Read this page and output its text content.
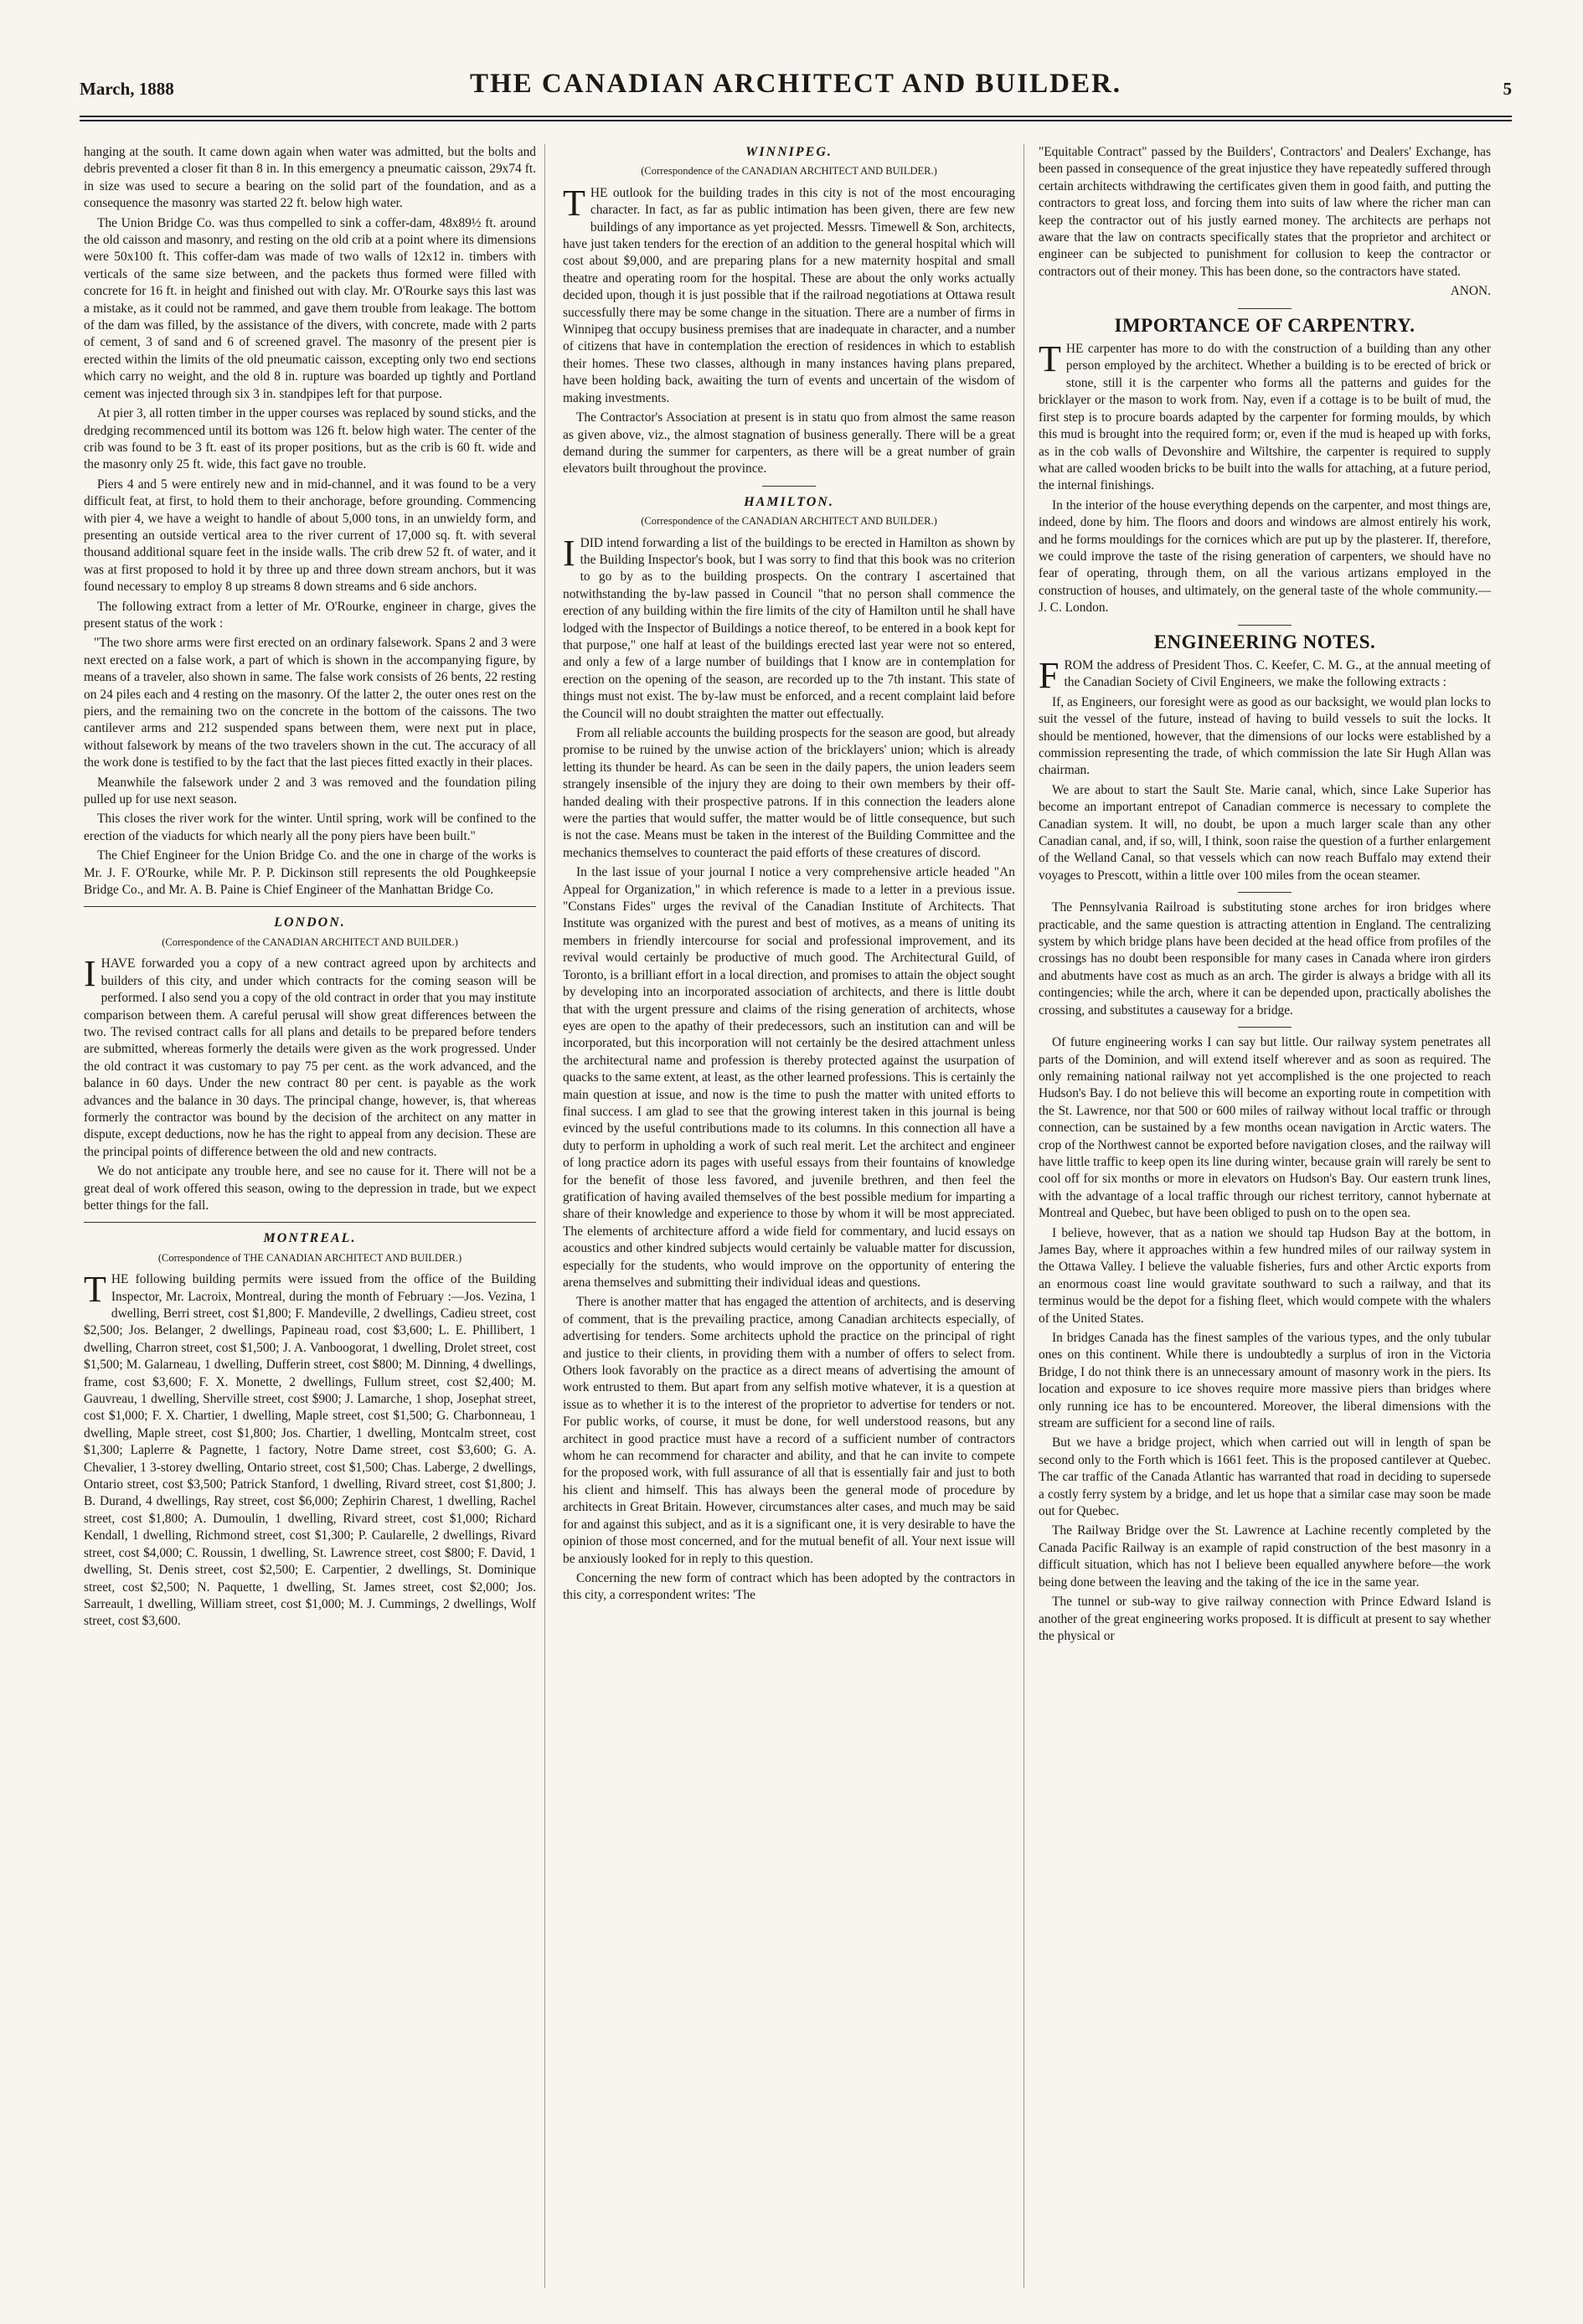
March, 1888	THE CANADIAN ARCHITECT AND BUILDER.	5

hanging at the south. It came down again when water was admitted, but the bolts and debris prevented a closer fit than 8 in. In this emergency a pneumatic caisson, 29x74 ft. in size was used to secure a bearing on the solid part of the foundation, and as a consequence the masonry was started 22 ft. below high water.

The Union Bridge Co. was thus compelled to sink a coffer-dam, 48x89½ ft. around the old caisson and masonry, and resting on the old crib at a point where its dimensions were 50x100 ft. This coffer-dam was made of two walls of 12x12 in. timbers with verticals of the same size between, and the packets thus formed were filled with concrete for 16 ft. in height and finished out with clay. Mr. O'Rourke says this last was a mistake, as it could not be rammed, and gave them trouble from leakage. The bottom of the dam was filled, by the assistance of the divers, with concrete, made with 2 parts of cement, 3 of sand and 6 of screened gravel. The masonry of the present pier is erected within the limits of the old pneumatic caisson, excepting only two end sections which carry no weight, and the old 8 in. rupture was boarded up tightly and Portland cement was injected through six 3 in. standpipes left for that purpose.

At pier 3, all rotten timber in the upper courses was replaced by sound sticks, and the dredging recommenced until its bottom was 126 ft. below high water. The center of the crib was found to be 3 ft. east of its proper positions, but as the crib is 60 ft. wide and the masonry only 25 ft. wide, this fact gave no trouble.

Piers 4 and 5 were entirely new and in mid-channel, and it was found to be a very difficult feat, at first, to hold them to their anchorage, before grounding. Commencing with pier 4, we have a weight to handle of about 5,000 tons, in an unwieldy form, and presenting an outside vertical area to the river current of 17,000 sq. ft. with several thousand additional square feet in the inside walls. The crib drew 52 ft. of water, and it was at first proposed to hold it by three up and three down stream anchors, but it was found necessary to employ 8 up streams 8 down streams and 6 side anchors.

The following extract from a letter of Mr. O'Rourke, engineer in charge, gives the present status of the work :

"The two shore arms were first erected on an ordinary falsework. Spans 2 and 3 were next erected on a false work, a part of which is shown in the accompanying figure, by means of a traveler, also shown in same. The false work consists of 26 bents, 22 resting on 24 piles each and 4 resting on the masonry. Of the latter 2, the outer ones rest on the piers, and the remaining two on the concrete in the bottom of the caissons. The two cantilever arms and 212 suspended spans between them, were next put in place, without falsework by means of the two travelers shown in the cut. The accuracy of all the work done is testified to by the fact that the last pieces fitted exactly in their places.

Meanwhile the falsework under 2 and 3 was removed and the foundation piling pulled up for use next season.

This closes the river work for the winter. Until spring, work will be confined to the erection of the viaducts for which nearly all the pony piers have been built."

The Chief Engineer for the Union Bridge Co. and the one in charge of the works is Mr. J. F. O'Rourke, while Mr. P. P. Dickinson still represents the old Poughkeepsie Bridge Co., and Mr. A. B. Paine is Chief Engineer of the Manhattan Bridge Co.

LONDON.
(Correspondence of the CANADIAN ARCHITECT AND BUILDER.)

IHAVE forwarded you a copy of a new contract agreed upon by architects and builders of this city, and under which contracts for the coming season will be performed. I also send you a copy of the old contract in order that you may institute comparison between them. A careful perusal will show great differences between the two. The revised contract calls for all plans and details to be prepared before tenders are submitted, whereas formerly the details were given as the work progressed. Under the old contract it was customary to pay 75 per cent. as the work advanced, and the balance in 60 days. Under the new contract 80 per cent. is payable as the work advances and the balance in 30 days. The principal change, however, is, that whereas formerly the contractor was bound by the decision of the architect on any matter in dispute, except deductions, now he has the right to appeal from any decision. These are the principal points of difference between the old and new contracts.

We do not anticipate any trouble here, and see no cause for it. There will not be a great deal of work offered this season, owing to the depression in trade, but we expect better things for the fall.

MONTREAL.
(Correspondence of THE CANADIAN ARCHITECT AND BUILDER.)

THE following building permits were issued from the office of the Building Inspector, Mr. Lacroix, Montreal, during the month of February :—Jos. Vezina, 1 dwelling, Berri street, cost $1,800; F. Mandeville, 2 dwellings, Cadieu street, cost $2,500; Jos. Belanger, 2 dwellings, Papineau road, cost $3,600; L. E. Phillibert, 1 dwelling, Charron street, cost $1,500; J. A. Vanboogorat, 1 dwelling, Drolet street, cost $1,500; M. Galarneau, 1 dwelling, Dufferin street, cost $800; M. Dinning, 4 dwellings, frame, cost $3,600; F. X. Monette, 2 dwellings, Fullum street, cost $2,400; M. Gauvreau, 1 dwelling, Sherville street, cost $900; J. Lamarche, 1 shop, Josephat street, cost $1,000; F. X. Chartier, 1 dwelling, Maple street, cost $1,500; G. Charbonneau, 1 dwelling, Maple street, cost $1,800; Jos. Chartier, 1 dwelling, Montcalm street, cost $1,300; Laplerre & Pagnette, 1 factory, Notre Dame street, cost $3,600; G. A. Chevalier, 1 3-storey dwelling, Ontario street, cost $1,500; Chas. Laberge, 2 dwellings, Ontario street, cost $3,500; Patrick Stanford, 1 dwelling, Rivard street, cost $1,800; J. B. Durand, 4 dwellings, Ray street, cost $6,000; Zephirin Charest, 1 dwelling, Rachel street, cost $1,800; A. Dumoulin, 1 dwelling, Rivard street, cost $1,000; Richard Kendall, 1 dwelling, Richmond street, cost $1,300; P. Caularelle, 2 dwellings, Rivard street, cost $4,000; C. Roussin, 1 dwelling, St. Lawrence street, cost $800; F. David, 1 dwelling, St. Denis street, cost $2,500; E. Carpentier, 2 dwellings, St. Dominique street, cost $2,500; N. Paquette, 1 dwelling, St. James street, cost $2,000; Jos. Sarreault, 1 dwelling, William street, cost $1,000; M. J. Cummings, 2 dwellings, Wolf street, cost $3,600.

WINNIPEG.
(Correspondence of the CANADIAN ARCHITECT AND BUILDER.)

THE outlook for the building trades in this city is not of the most encouraging character. In fact, as far as public intimation has been given, there are few new buildings of any importance as yet projected. Messrs. Timewell & Son, architects, have just taken tenders for the erection of an addition to the general hospital which will cost about $9,000, and are preparing plans for a new maternity hospital and small theatre and operating room for the hospital. These are about the only works actually decided upon, though it is just possible that if the railroad negotiations at Ottawa result successfully there may be some change in the situation. There are a number of firms in Winnipeg that occupy business premises that are inadequate in character, and a number of citizens that have in contemplation the erection of residences in which to establish their homes. These two classes, although in many instances having plans prepared, have been holding back, awaiting the turn of events and uncertain of the wisdom of making investments.

The Contractor's Association at present is in statu quo from almost the same reason as given above, viz., the almost stagnation of business generally. There will be a great demand during the summer for carpenters, as there will be a great number of grain elevators built throughout the province.

HAMILTON.
(Correspondence of the CANADIAN ARCHITECT AND BUILDER.)

IDID intend forwarding a list of the buildings to be erected in Hamilton as shown by the Building Inspector's book, but I was sorry to find that this book was no criterion to go by as to the building prospects. On the contrary I ascertained that notwithstanding the by-law passed in Council "that no person shall commence the erection of any building within the fire limits of the city of Hamilton until he shall have lodged with the Inspector of Buildings a notice thereof, to be entered in a book kept for that purpose," one half at least of the buildings erected last year were not so entered, and only a few of a large number of buildings that I know are in contemplation for erection on the opening of the season, are recorded up to the 7th instant. This state of things must not exist. The by-law must be enforced, and a recent complaint laid before the Council will no doubt straighten the matter out effectually.

From all reliable accounts the building prospects for the season are good, but already promise to be ruined by the unwise action of the bricklayers' union; which is already letting its thunder be heard. As can be seen in the daily papers, the union leaders seem strangely insensible of the injury they are doing to their own members by their off-handed dealing with their prospective patrons. If in this connection the leaders alone were the parties that would suffer, the matter would be of little consequence, but such is not the case. Means must be taken in the interest of the Building Committee and the mechanics themselves to counteract the paid efforts of these creatures of discord.

In the last issue of your journal I notice a very comprehensive article headed "An Appeal for Organization," in which reference is made to a letter in a previous issue. "Constans Fides" urges the revival of the Canadian Institute of Architects. That Institute was organized with the purest and best of motives, as a means of uniting its members in friendly intercourse for social and professional improvement, and its revival would certainly be productive of much good. The Architectural Guild, of Toronto, is a brilliant effort in a local direction, and promises to attain the object sought by developing into an incorporated association of architects, and there is little doubt that with the urgent pressure and claims of the rising generation of architects, whose eyes are open to the apathy of their predecessors, such an institution can and will be incorporated, but this incorporation will not certainly be the desired attachment unless the architectural name and profession is thereby protected against the usurpation of quacks to the same extent, at least, as the other learned professions. This is certainly the main question at issue, and now is the time to push the matter with united efforts to final success. I am glad to see that the growing interest taken in this journal is being evinced by the useful contributions made to its columns. In this connection all have a duty to perform in upholding a work of such real merit. Let the architect and engineer of long practice adorn its pages with useful essays from their fountains of knowledge for the benefit of those less favored, and juvenile brethren, and then feel the gratification of having availed themselves of the best possible medium for imparting a share of their knowledge and experience to those by whom it will be most appreciated. The elements of architecture afford a wide field for commentary, and lucid essays on acoustics and other kindred subjects would certainly be valuable matter for discussion, especially for the students, who would improve on the opportunity of entering the arena themselves and submitting their individual ideas and questions.

There is another matter that has engaged the attention of architects, and is deserving of comment, that is the prevailing practice, among Canadian architects especially, of advertising for tenders. Some architects uphold the practice on the principal of right and justice to their clients, in providing them with a number of offers to select from. Others look favorably on the practice as a direct means of advertising the amount of work entrusted to them. But apart from any selfish motive whatever, it is a question at issue as to whether it is to the interest of the proprietor to advertise for tenders or not. For public works, of course, it must be done, for well understood reasons, but any architect in good practice must have a record of a sufficient number of contractors whom he can recommend for character and ability, and that he can invite to compete for the proposed work, with full assurance of all that is essentially fair and just to both his client and himself. This has always been the general mode of procedure by architects in Great Britain. However, circumstances alter cases, and much may be said for and against this subject, and as it is a significant one, it is very desirable to have the opinion of those most concerned, and for the mutual benefit of all. Your next issue will be anxiously looked for in reply to this question.

Concerning the new form of contract which has been adopted by the contractors in this city, a correspondent writes: 'The

"Equitable Contract" passed by the Builders', Contractors' and Dealers' Exchange, has been passed in consequence of the great injustice they have repeatedly suffered through certain architects withdrawing the certificates given them in good faith, and putting the contractors to great loss, and forcing them into suits of law where the richer man can keep the contractor out of his justly earned money. The architects are perhaps not aware that the law on contracts specifically states that the proprietor and architect or engineer can be subjected to punishment for collusion to keep the contractor or contractors out of their money. This has been done, so the contractors have stated.

ANON.

IMPORTANCE OF CARPENTRY.

THE carpenter has more to do with the construction of a building than any other person employed by the architect. Whether a building is to be erected of brick or stone, still it is the carpenter who forms all the patterns and guides for the bricklayer or the mason to work from. Nay, even if a cottage is to be built of mud, the first step is to procure boards adapted by the carpenter for forming moulds, by which this mud is brought into the required form; or, even if the mud is heaped up with forks, as in the cob walls of Devonshire and Wiltshire, the carpenter is required to supply what are called wooden bricks to be built into the walls for attaching, at a future period, the internal finishings.

In the interior of the house everything depends on the carpenter, and most things are, indeed, done by him. The floors and doors and windows are almost entirely his work, and he forms mouldings for the cornices which are put up by the plasterer. If, therefore, we could improve the taste of the rising generation of carpenters, we should have no fear of operating, through them, on all the various artizans employed in the construction of houses, and ultimately, on the general taste of the whole community.—J. C. London.

ENGINEERING NOTES.

FROM the address of President Thos. C. Keefer, C. M. G., at the annual meeting of the Canadian Society of Civil Engineers, we make the following extracts :

If, as Engineers, our foresight were as good as our backsight, we would plan locks to suit the vessel of the future, instead of having to build vessels to suit the locks. It should be mentioned, however, that the dimensions of our locks were established by a commission representing the trade, of which commission the late Sir Hugh Allan was chairman.

We are about to start the Sault Ste. Marie canal, which, since Lake Superior has become an important entrepot of Canadian commerce is necessary to complete the Canadian system. It will, no doubt, be upon a much larger scale than any other Canadian canal, and, if so, will, I think, soon raise the question of a further enlargement of the Welland Canal, so that vessels which can now reach Buffalo may extend their voyages to Prescott, within a little over 100 miles from the ocean steamer.

The Pennsylvania Railroad is substituting stone arches for iron bridges where practicable, and the same question is attracting attention in England. The centralizing system by which bridge plans have been decided at the head office from profiles of the crossings has no doubt been responsible for many cases in Canada where iron girders and abutments have cost as much as an arch. The girder is always a bridge with all its contingencies; while the arch, where it can be depended upon, practically abolishes the crossing, and substitutes a causeway for a bridge.

Of future engineering works I can say but little. Our railway system penetrates all parts of the Dominion, and will extend itself wherever and as soon as required. The only remaining national railway not yet accomplished is the one projected to reach Hudson's Bay. I do not believe this will become an exporting route in competition with the St. Lawrence, nor that 500 or 600 miles of railway without local traffic or through connection, can be sustained by a few months ocean navigation in Arctic waters. The crop of the Northwest cannot be exported before navigation closes, and the railway will have little traffic to keep open its line during winter, because grain will rarely be sent to cool off for six months or more in elevators on Hudson's Bay. Our eastern trunk lines, with the advantage of a local traffic through our richest territory, cannot hybernate at Montreal and Quebec, but have been obliged to push on to the open sea.

I believe, however, that as a nation we should tap Hudson Bay at the bottom, in James Bay, where it approaches within a few hundred miles of our railway system in the Ottawa Valley. I believe the valuable fisheries, furs and other Arctic exports from an enormous coast line would gravitate southward to such a railway, and that its terminus would be the depot for a fishing fleet, which would compete with the whalers of the United States.

In bridges Canada has the finest samples of the various types, and the only tubular ones on this continent. While there is undoubtedly a surplus of iron in the Victoria Bridge, I do not think there is an unnecessary amount of masonry work in the piers. Its location and exposure to ice shoves require more massive piers than bridges where only running ice has to be encountered. Moreover, the liberal dimensions with the stream are sufficient for a second line of rails.

But we have a bridge project, which when carried out will in length of span be second only to the Forth which is 1661 feet. This is the proposed cantilever at Quebec. The car traffic of the Canada Atlantic has warranted that road in deciding to supersede a costly ferry system by a bridge, and let us hope that a similar case may soon be made out for Quebec.

The Railway Bridge over the St. Lawrence at Lachine recently completed by the Canada Pacific Railway is an example of rapid construction of the best masonry in a difficult situation, which has not I believe been equalled anywhere before—the work being done between the leaving and the taking of the ice in the same year.

The tunnel or sub-way to give railway connection with Prince Edward Island is another of the great engineering works proposed. It is difficult at present to say whether the physical or
